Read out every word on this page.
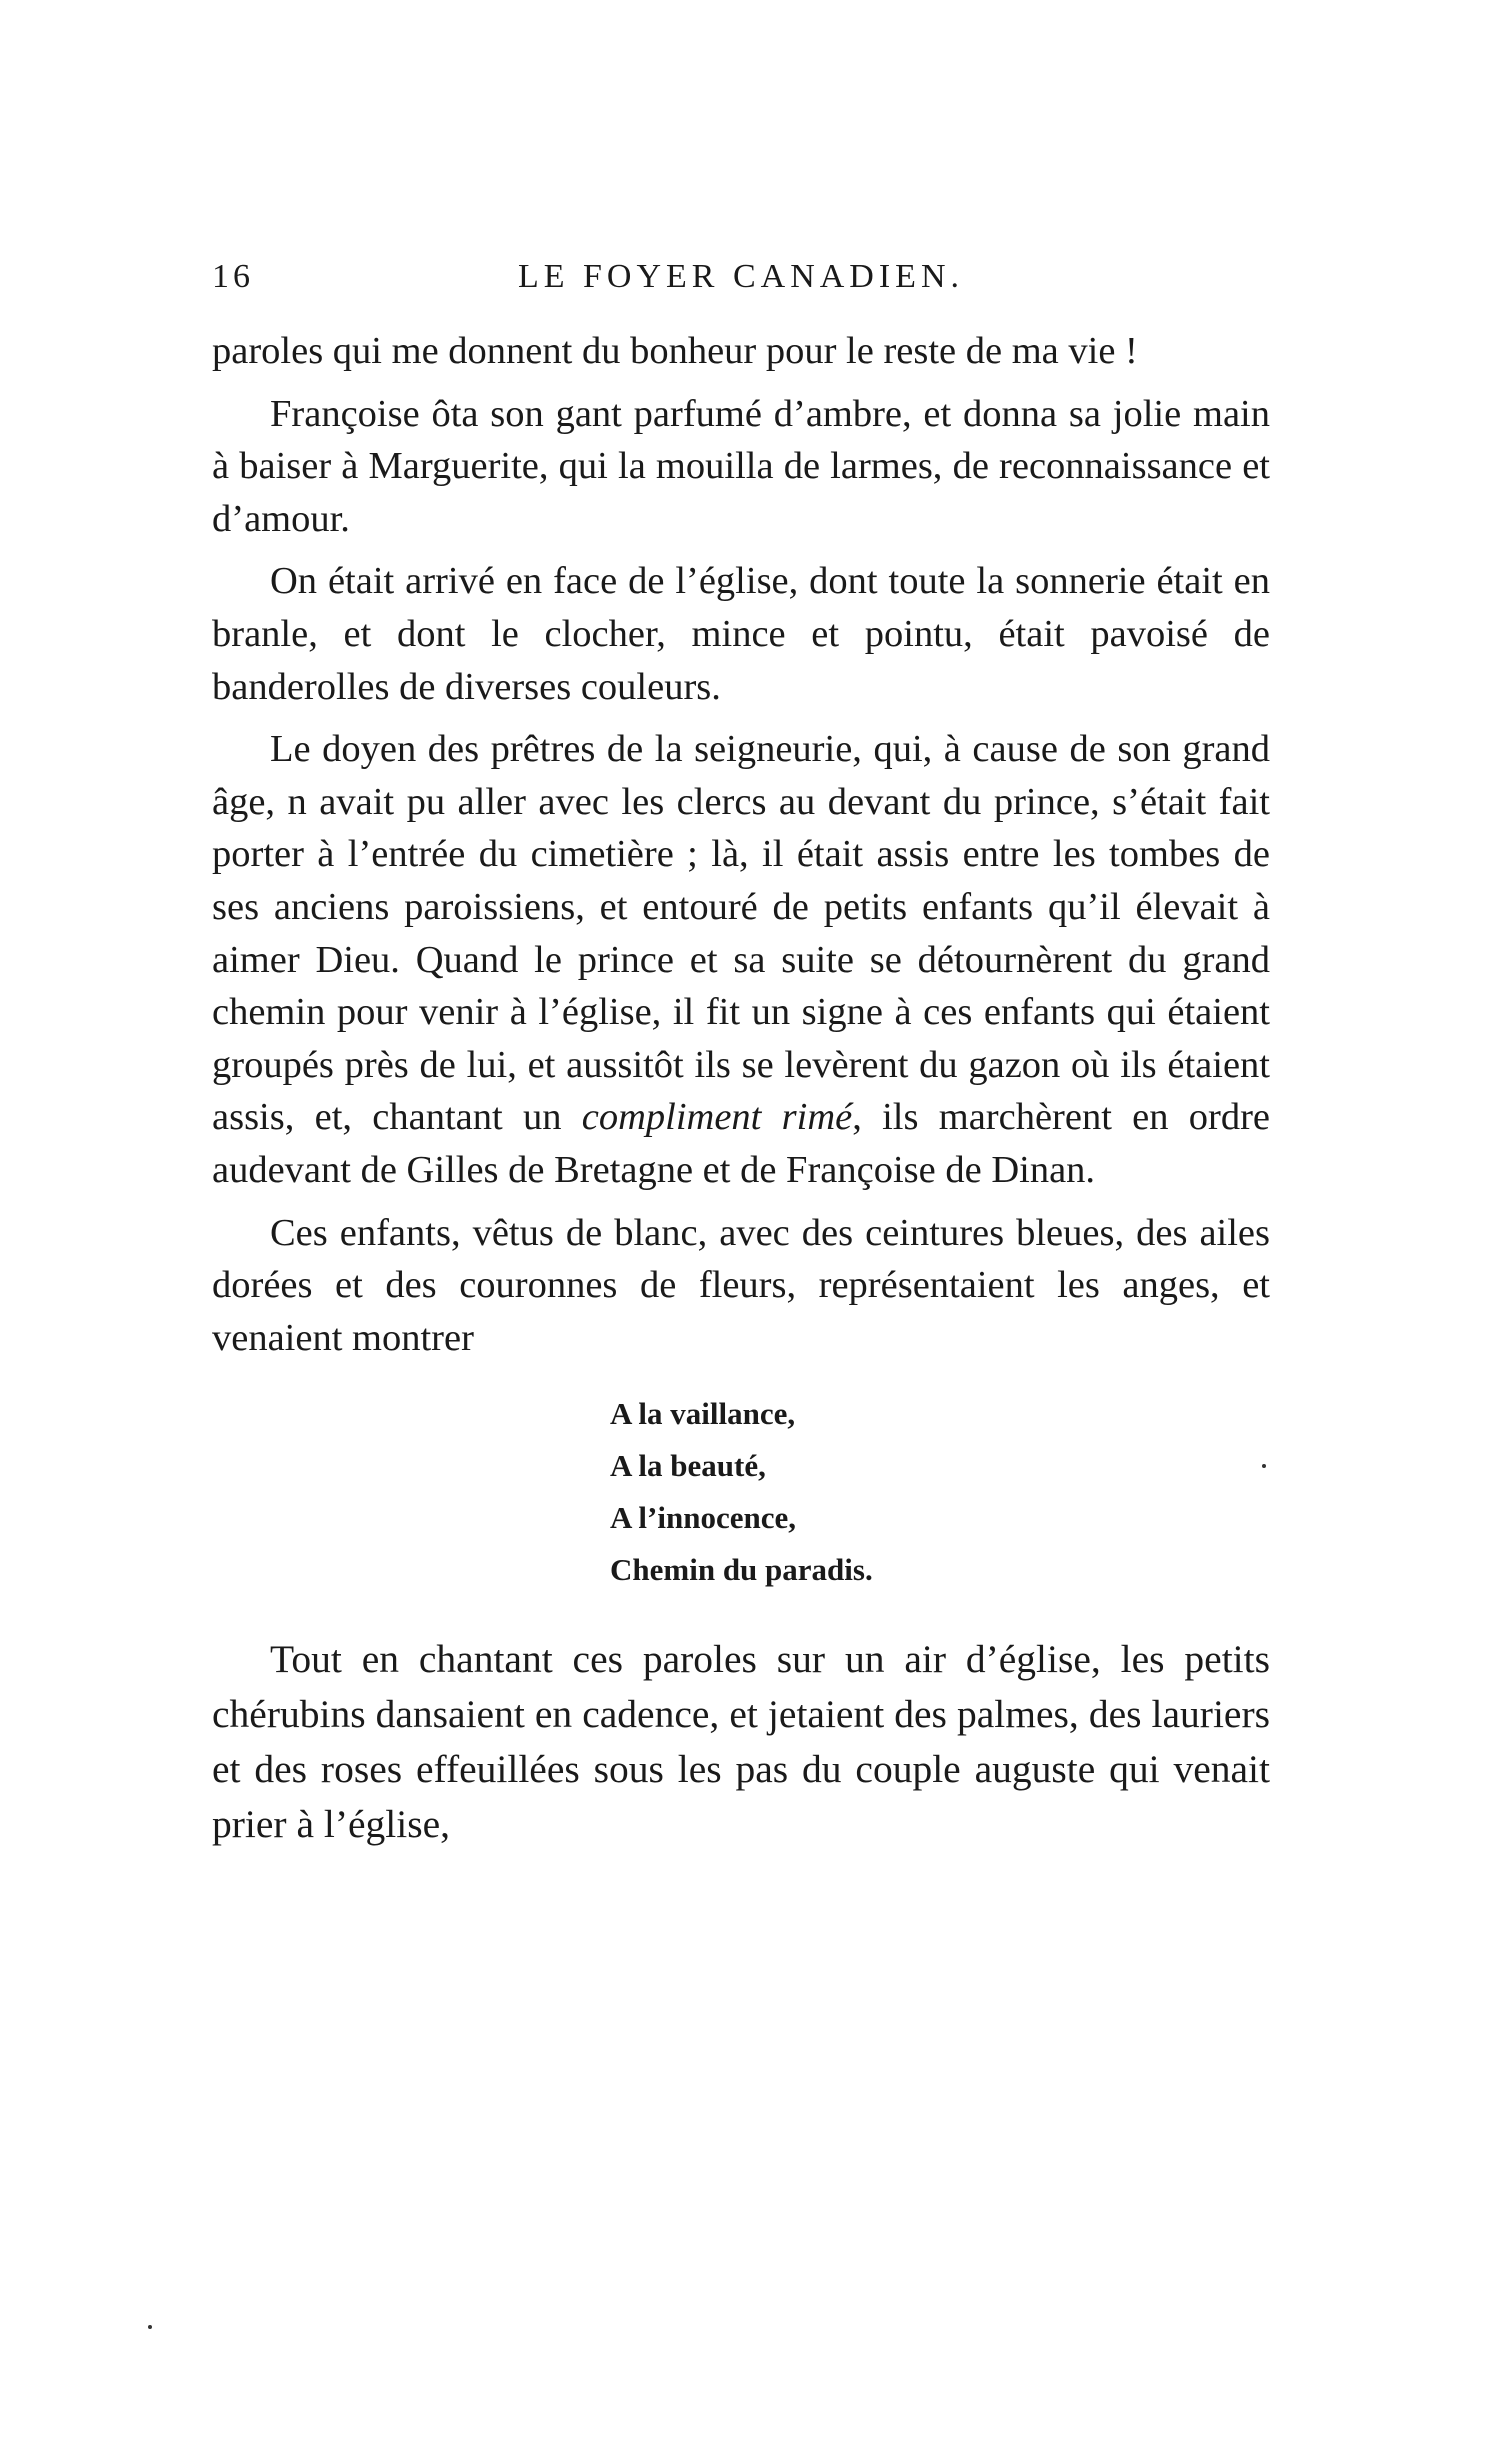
16	LE FOYER CANADIEN.

paroles qui me donnent du bonheur pour le reste de ma vie !

Françoise ôta son gant parfumé d’ambre, et donna sa jolie main à baiser à Marguerite, qui la mouilla de larmes, de reconnaissance et d’amour.

On était arrivé en face de l’église, dont toute la sonnerie était en branle, et dont le clocher, mince et pointu, était pavoisé de banderolles de diverses couleurs.

Le doyen des prêtres de la seigneurie, qui, à cause de son grand âge, n avait pu aller avec les clercs au devant du prince, s’était fait porter à l’entrée du cimetière ; là, il était assis entre les tombes de ses anciens paroissiens, et entouré de petits enfants qu’il élevait à aimer Dieu. Quand le prince et sa suite se détournèrent du grand chemin pour venir à l’église, il fit un signe à ces enfants qui étaient groupés près de lui, et aussitôt ils se levèrent du gazon où ils étaient assis, et, chantant un compliment rimé, ils marchèrent en ordre audevant de Gilles de Bretagne et de Françoise de Dinan.

Ces enfants, vêtus de blanc, avec des ceintures bleues, des ailes dorées et des couronnes de fleurs, représentaient les anges, et venaient montrer

A la vaillance,
A la beauté,
A l’innocence,
Chemin du paradis.

Tout en chantant ces paroles sur un air d’église, les petits chérubins dansaient en cadence, et jetaient des palmes, des lauriers et des roses effeuillées sous les pas du couple auguste qui venait prier à l’église,
